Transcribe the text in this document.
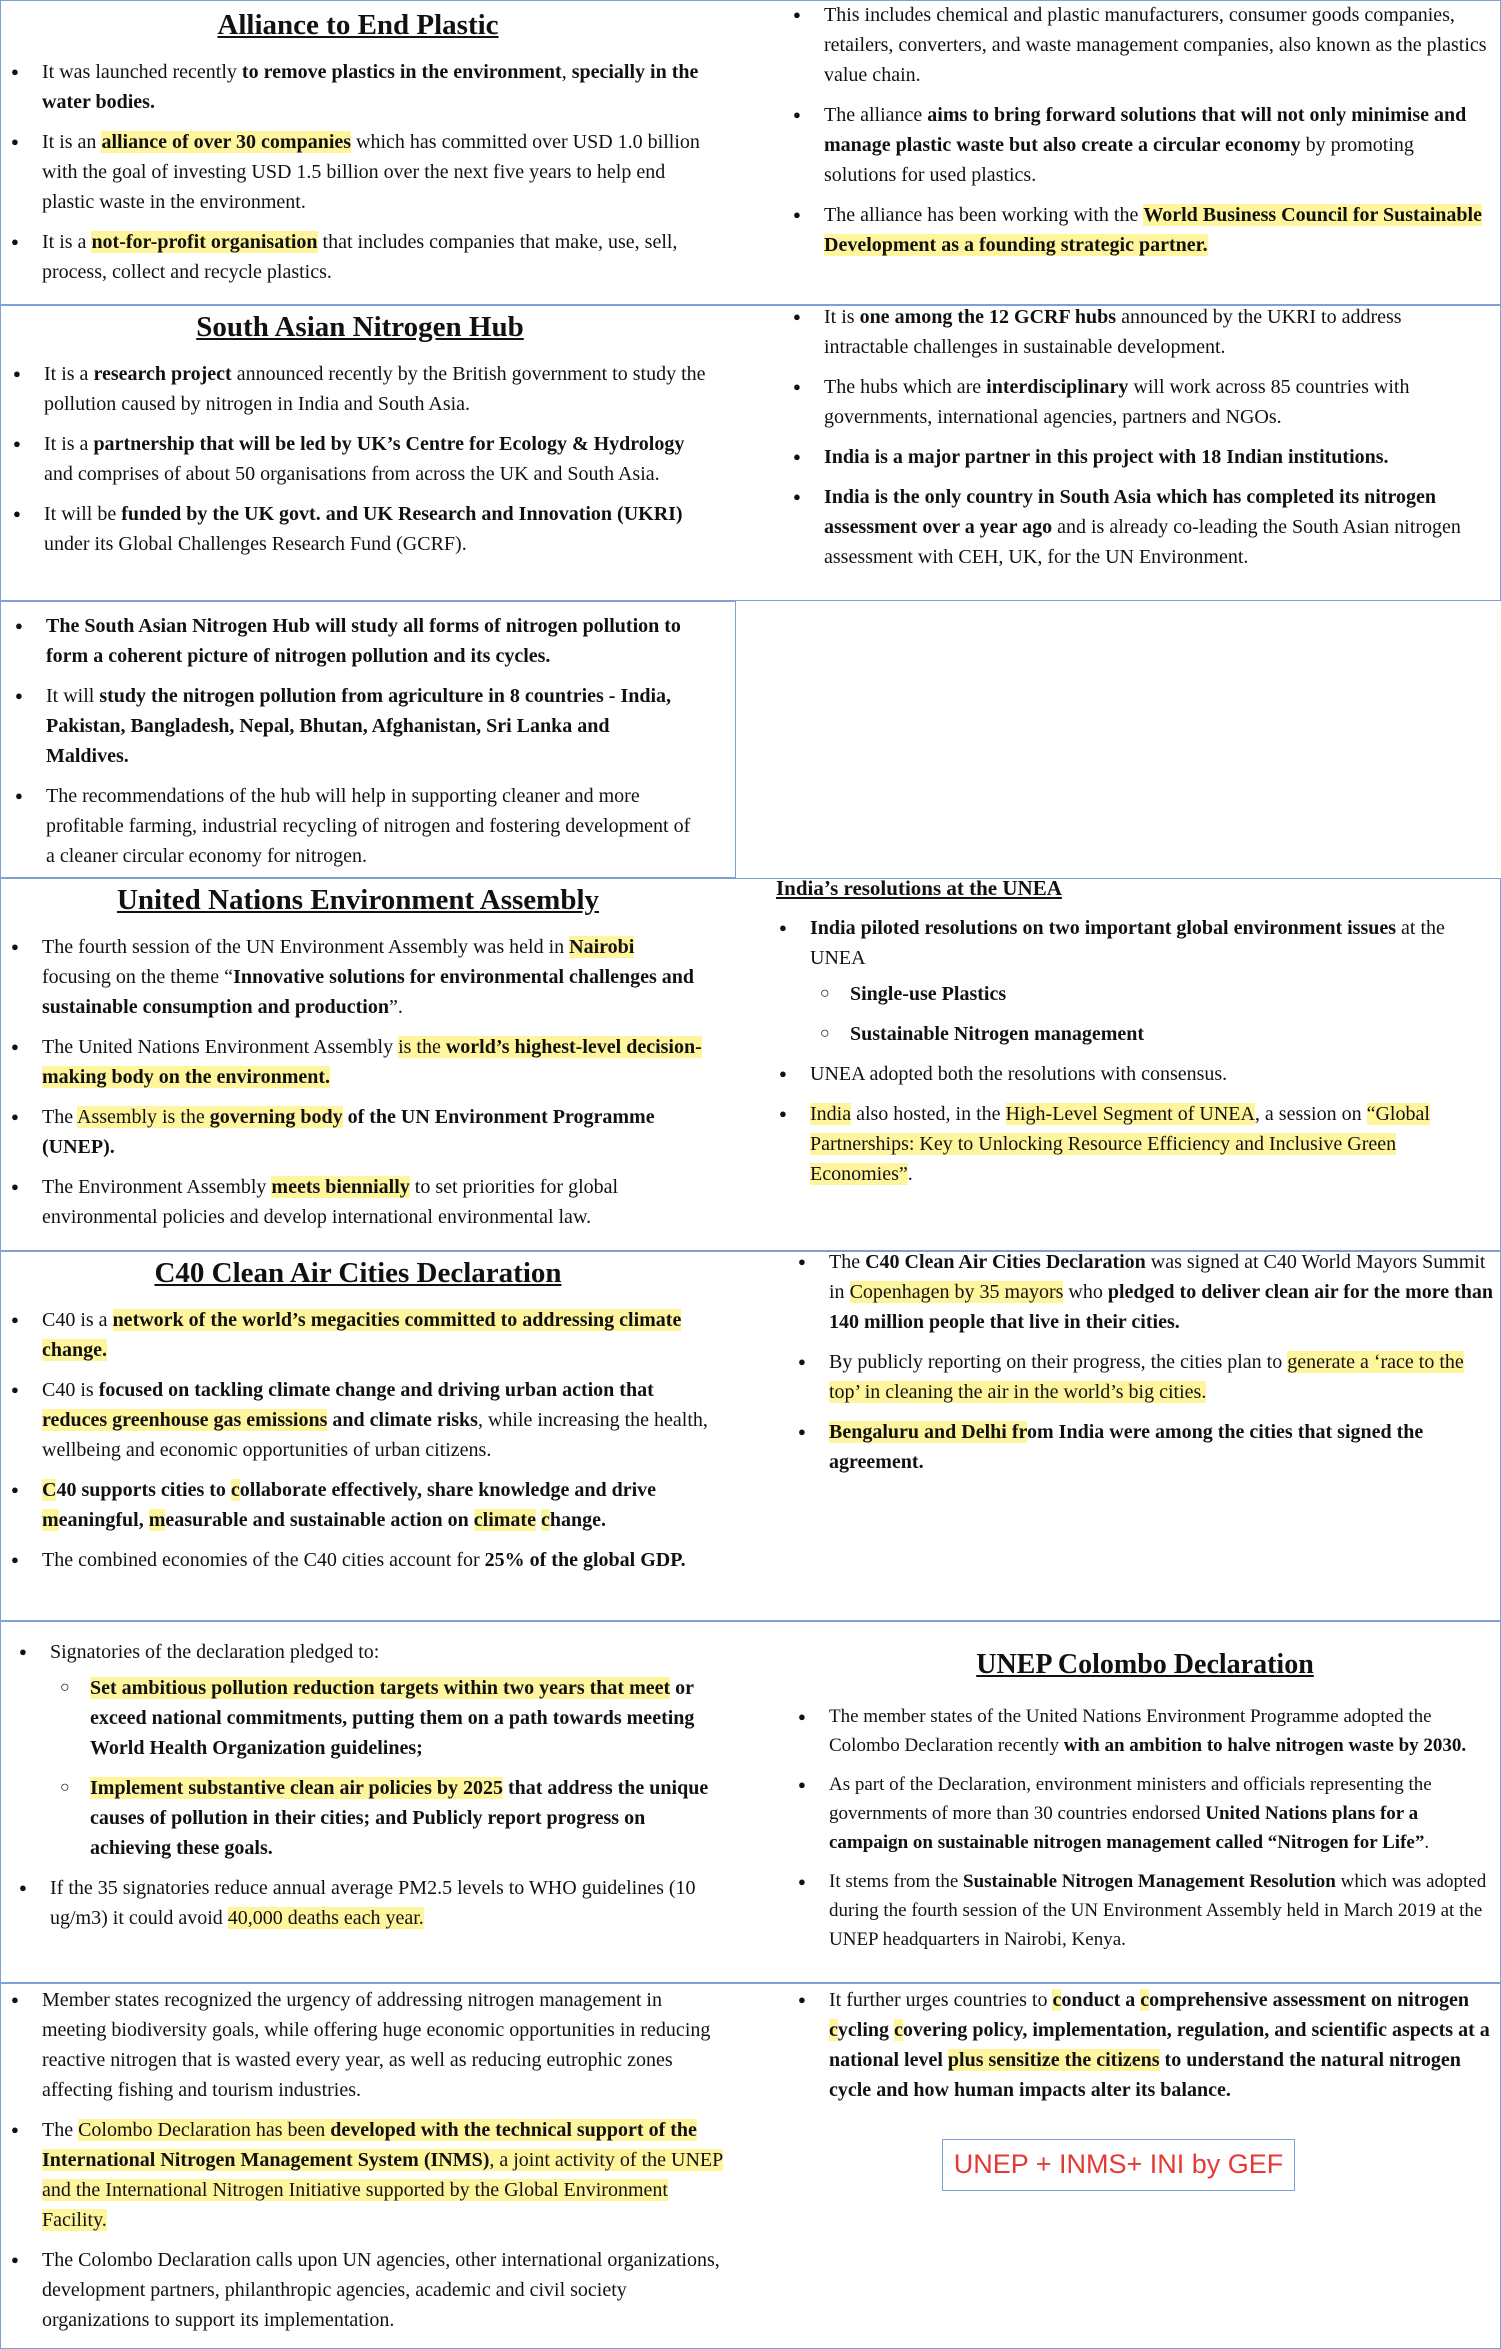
Alliance to End Plastic
● It was launched recently to remove plastics in the environment, specially in the water bodies.
● It is an alliance of over 30 companies which has committed over USD 1.0 billion with the goal of investing USD 1.5 billion over the next five years to help end plastic waste in the environment.
● It is a not-for-profit organisation that includes companies that make, use, sell, process, collect and recycle plastics.
● This includes chemical and plastic manufacturers, consumer goods companies, retailers, converters, and waste management companies, also known as the plastics value chain.
● The alliance aims to bring forward solutions that will not only minimise and manage plastic waste but also create a circular economy by promoting solutions for used plastics.
● The alliance has been working with the World Business Council for Sustainable Development as a founding strategic partner.
South Asian Nitrogen Hub
● It is a research project announced recently by the British government to study the pollution caused by nitrogen in India and South Asia.
● It is a partnership that will be led by UK’s Centre for Ecology & Hydrology and comprises of about 50 organisations from across the UK and South Asia.
● It will be funded by the UK govt. and UK Research and Innovation (UKRI) under its Global Challenges Research Fund (GCRF).
● It is one among the 12 GCRF hubs announced by the UKRI to address intractable challenges in sustainable development.
● The hubs which are interdisciplinary will work across 85 countries with governments, international agencies, partners and NGOs.
● India is a major partner in this project with 18 Indian institutions.
● India is the only country in South Asia which has completed its nitrogen assessment over a year ago and is already co-leading the South Asian nitrogen assessment with CEH, UK, for the UN Environment.
● The South Asian Nitrogen Hub will study all forms of nitrogen pollution to form a coherent picture of nitrogen pollution and its cycles.
● It will study the nitrogen pollution from agriculture in 8 countries - India, Pakistan, Bangladesh, Nepal, Bhutan, Afghanistan, Sri Lanka and Maldives.
● The recommendations of the hub will help in supporting cleaner and more profitable farming, industrial recycling of nitrogen and fostering development of a cleaner circular economy for nitrogen.
United Nations Environment Assembly
● The fourth session of the UN Environment Assembly was held in Nairobi focusing on the theme “Innovative solutions for environmental challenges and sustainable consumption and production”.
● The United Nations Environment Assembly is the world’s highest-level decision-making body on the environment.
● The Assembly is the governing body of the UN Environment Programme (UNEP).
● The Environment Assembly meets biennially to set priorities for global environmental policies and develop international environmental law.
India’s resolutions at the UNEA
● India piloted resolutions on two important global environment issues at the UNEA
○ Single-use Plastics
○ Sustainable Nitrogen management
● UNEA adopted both the resolutions with consensus.
● India also hosted, in the High-Level Segment of UNEA, a session on “Global Partnerships: Key to Unlocking Resource Efficiency and Inclusive Green Economies”.
C40 Clean Air Cities Declaration
● C40 is a network of the world’s megacities committed to addressing climate change.
● C40 is focused on tackling climate change and driving urban action that reduces greenhouse gas emissions and climate risks, while increasing the health, wellbeing and economic opportunities of urban citizens.
● C40 supports cities to collaborate effectively, share knowledge and drive meaningful, measurable and sustainable action on climate change.
● The combined economies of the C40 cities account for 25% of the global GDP.
● The C40 Clean Air Cities Declaration was signed at C40 World Mayors Summit in Copenhagen by 35 mayors who pledged to deliver clean air for the more than 140 million people that live in their cities.
● By publicly reporting on their progress, the cities plan to generate a ‘race to the top’ in cleaning the air in the world’s big cities.
● Bengaluru and Delhi from India were among the cities that signed the agreement.
● Signatories of the declaration pledged to:
○ Set ambitious pollution reduction targets within two years that meet or exceed national commitments, putting them on a path towards meeting World Health Organization guidelines;
○ Implement substantive clean air policies by 2025 that address the unique causes of pollution in their cities; and Publicly report progress on achieving these goals.
● If the 35 signatories reduce annual average PM2.5 levels to WHO guidelines (10 ug/m3) it could avoid 40,000 deaths each year.
UNEP Colombo Declaration
● The member states of the United Nations Environment Programme adopted the Colombo Declaration recently with an ambition to halve nitrogen waste by 2030.
● As part of the Declaration, environment ministers and officials representing the governments of more than 30 countries endorsed United Nations plans for a campaign on sustainable nitrogen management called “Nitrogen for Life”.
● It stems from the Sustainable Nitrogen Management Resolution which was adopted during the fourth session of the UN Environment Assembly held in March 2019 at the UNEP headquarters in Nairobi, Kenya.
● Member states recognized the urgency of addressing nitrogen management in meeting biodiversity goals, while offering huge economic opportunities in reducing reactive nitrogen that is wasted every year, as well as reducing eutrophic zones affecting fishing and tourism industries.
● The Colombo Declaration has been developed with the technical support of the International Nitrogen Management System (INMS), a joint activity of the UNEP and the International Nitrogen Initiative supported by the Global Environment Facility.
● The Colombo Declaration calls upon UN agencies, other international organizations, development partners, philanthropic agencies, academic and civil society organizations to support its implementation.
● It further urges countries to conduct a comprehensive assessment on nitrogen cycling covering policy, implementation, regulation, and scientific aspects at a national level plus sensitize the citizens to understand the natural nitrogen cycle and how human impacts alter its balance.
UNEP + INMS+ INI by GEF
